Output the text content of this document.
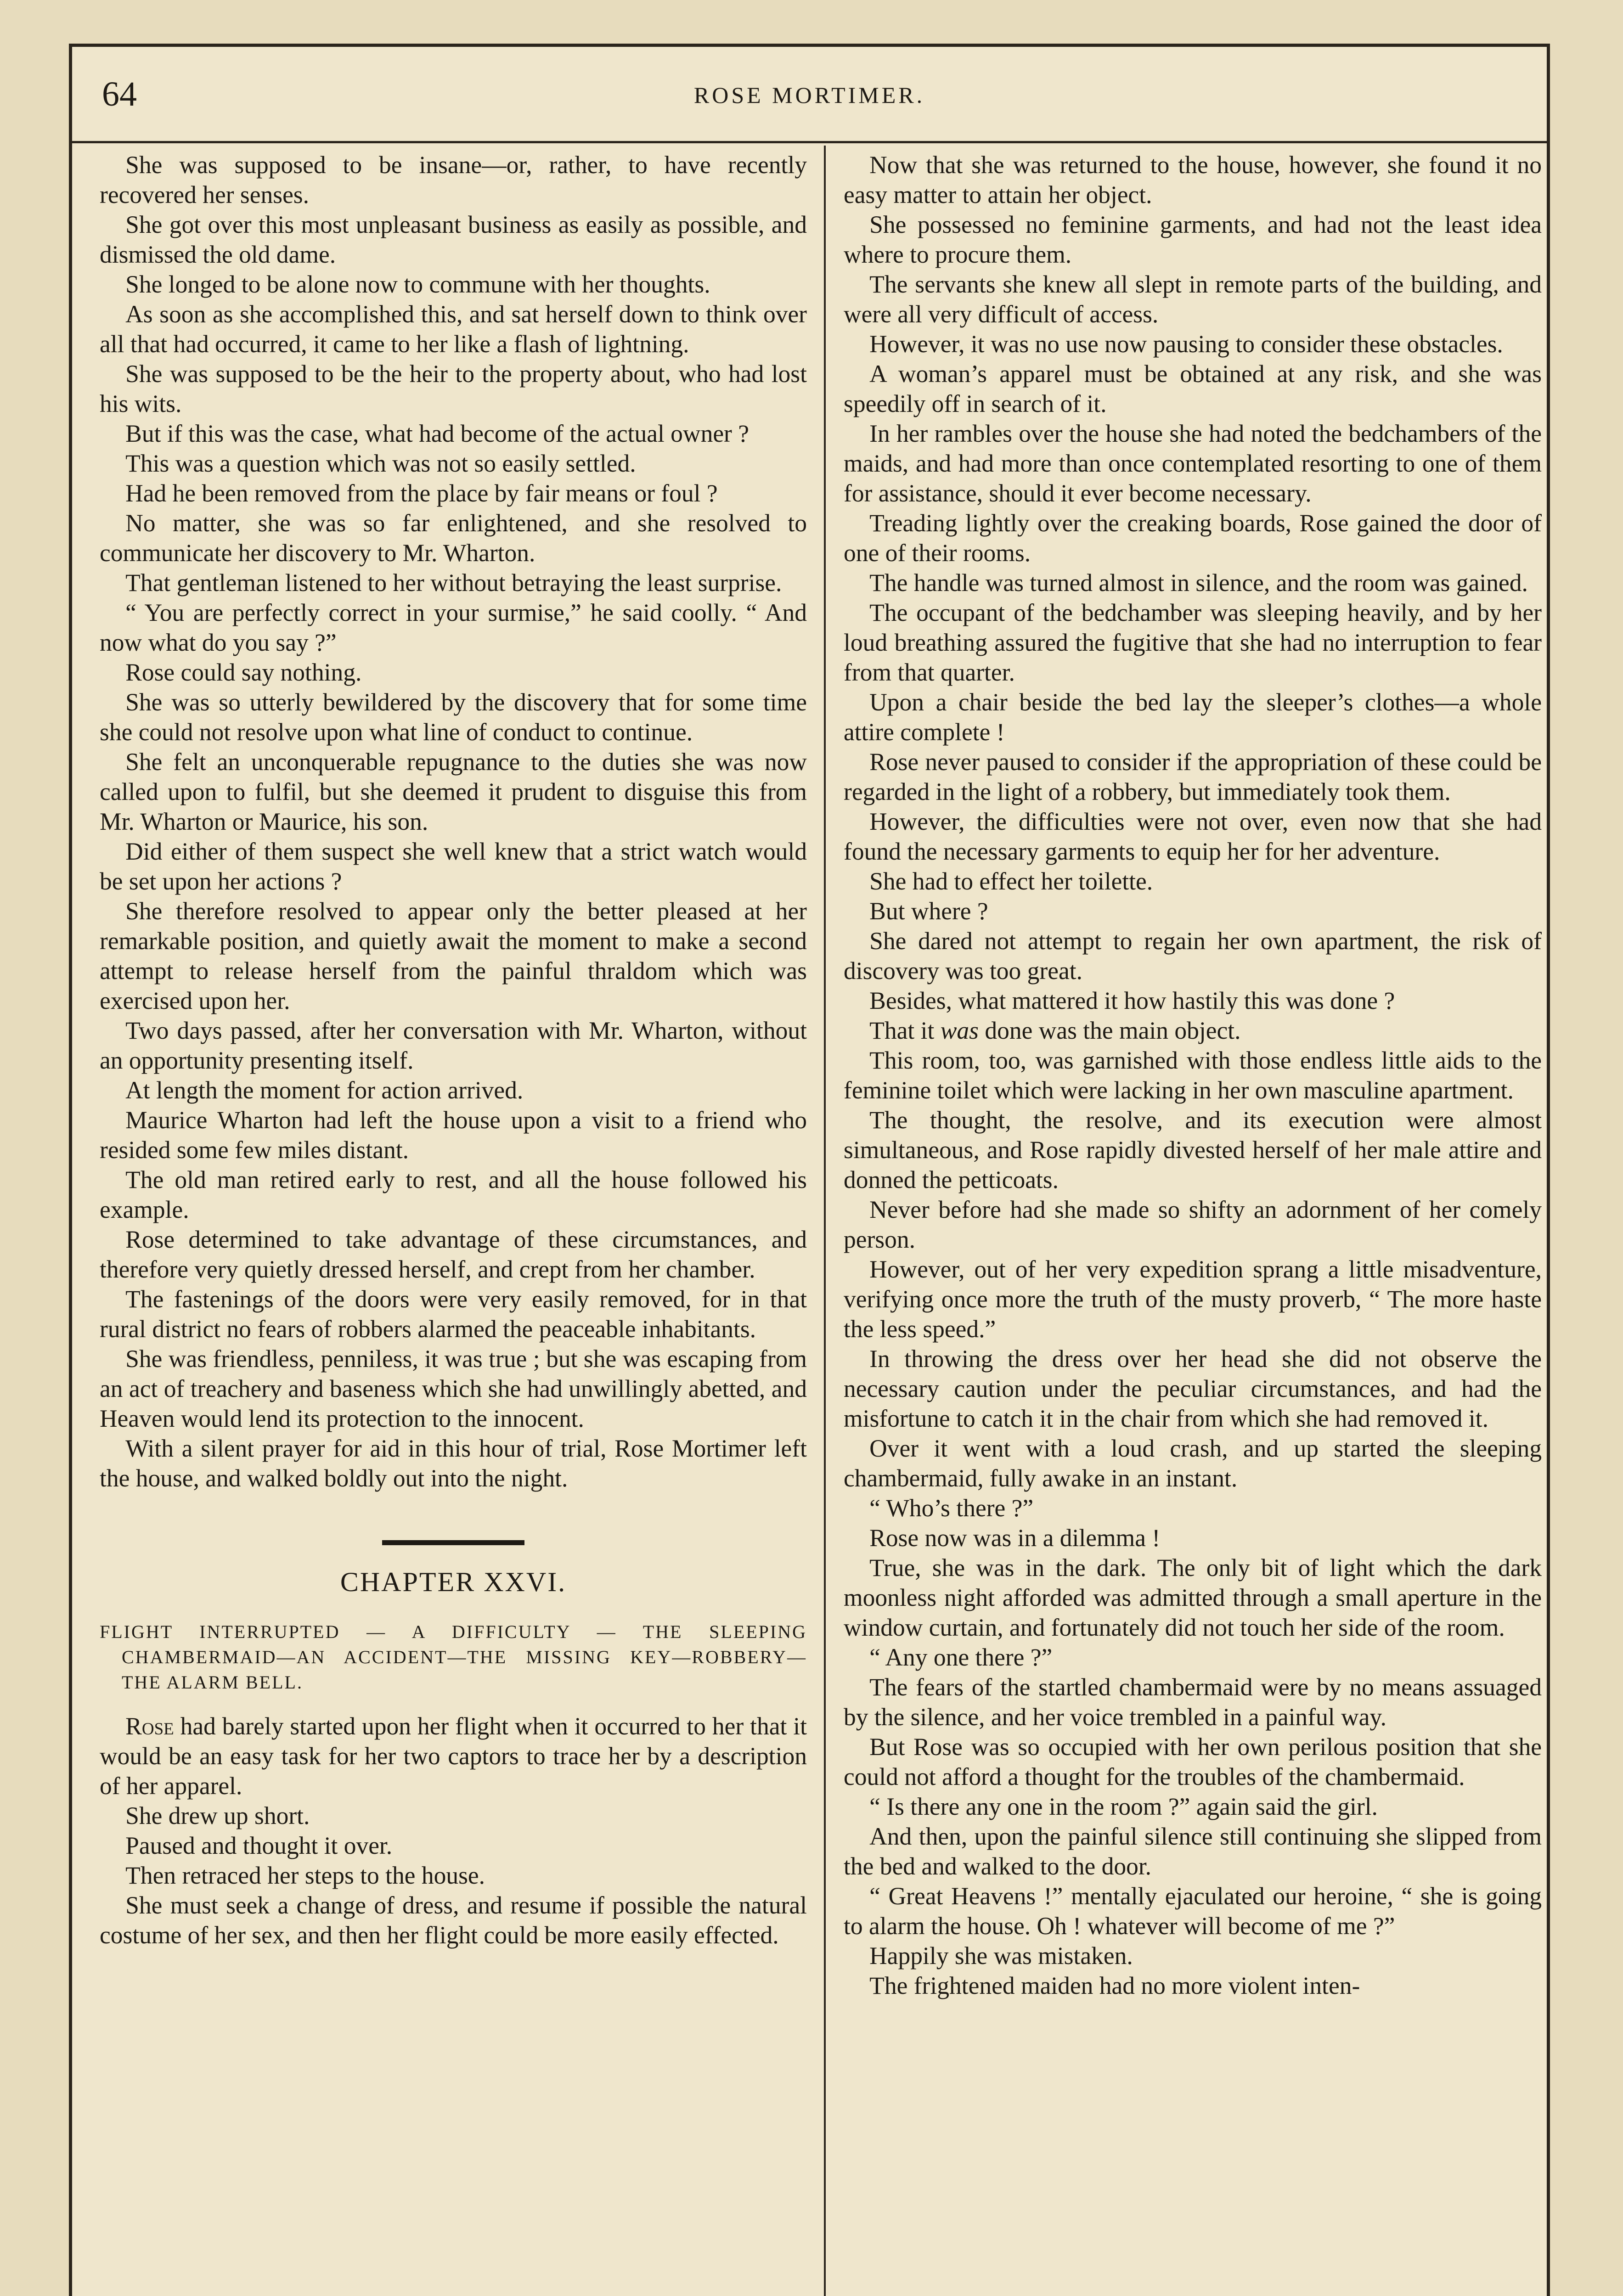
64	ROSE MORTIMER.

She was supposed to be insane—or, rather, to have recently recovered her senses.

She got over this most unpleasant business as easily as possible, and dismissed the old dame.

She longed to be alone now to commune with her thoughts.

As soon as she accomplished this, and sat herself down to think over all that had occurred, it came to her like a flash of lightning.

She was supposed to be the heir to the property about, who had lost his wits.

But if this was the case, what had become of the actual owner ?

This was a question which was not so easily settled.

Had he been removed from the place by fair means or foul ?

No matter, she was so far enlightened, and she resolved to communicate her discovery to Mr. Wharton.

That gentleman listened to her without betraying the least surprise.

“ You are perfectly correct in your surmise,” he said coolly. “ And now what do you say ?”

Rose could say nothing.

She was so utterly bewildered by the discovery that for some time she could not resolve upon what line of conduct to continue.

She felt an unconquerable repugnance to the duties she was now called upon to fulfil, but she deemed it prudent to disguise this from Mr. Wharton or Maurice, his son.

Did either of them suspect she well knew that a strict watch would be set upon her actions ?

She therefore resolved to appear only the better pleased at her remarkable position, and quietly await the moment to make a second attempt to release herself from the painful thraldom which was exercised upon her.

Two days passed, after her conversation with Mr. Wharton, without an opportunity presenting itself.

At length the moment for action arrived.

Maurice Wharton had left the house upon a visit to a friend who resided some few miles distant.

The old man retired early to rest, and all the house followed his example.

Rose determined to take advantage of these circumstances, and therefore very quietly dressed herself, and crept from her chamber.

The fastenings of the doors were very easily removed, for in that rural district no fears of robbers alarmed the peaceable inhabitants.

She was friendless, penniless, it was true ; but she was escaping from an act of treachery and baseness which she had unwillingly abetted, and Heaven would lend its protection to the innocent.

With a silent prayer for aid in this hour of trial, Rose Mortimer left the house, and walked boldly out into the night.

CHAPTER XXVI.
FLIGHT INTERRUPTED — A DIFFICULTY — THE SLEEPING CHAMBERMAID—AN ACCIDENT—THE MISSING KEY—ROBBERY—THE ALARM BELL.

Rose had barely started upon her flight when it occurred to her that it would be an easy task for her two captors to trace her by a description of her apparel.

She drew up short.

Paused and thought it over.

Then retraced her steps to the house.

She must seek a change of dress, and resume if possible the natural costume of her sex, and then her flight could be more easily effected.

Now that she was returned to the house, however, she found it no easy matter to attain her object.

She possessed no feminine garments, and had not the least idea where to procure them.

The servants she knew all slept in remote parts of the building, and were all very difficult of access.

However, it was no use now pausing to consider these obstacles.

A woman’s apparel must be obtained at any risk, and she was speedily off in search of it.

In her rambles over the house she had noted the bedchambers of the maids, and had more than once contemplated resorting to one of them for assistance, should it ever become necessary.

Treading lightly over the creaking boards, Rose gained the door of one of their rooms.

The handle was turned almost in silence, and the room was gained.

The occupant of the bedchamber was sleeping heavily, and by her loud breathing assured the fugitive that she had no interruption to fear from that quarter.

Upon a chair beside the bed lay the sleeper’s clothes—a whole attire complete !

Rose never paused to consider if the appropriation of these could be regarded in the light of a robbery, but immediately took them.

However, the difficulties were not over, even now that she had found the necessary garments to equip her for her adventure.

She had to effect her toilette.

But where ?

She dared not attempt to regain her own apartment, the risk of discovery was too great.

Besides, what mattered it how hastily this was done ?

That it was done was the main object.

This room, too, was garnished with those endless little aids to the feminine toilet which were lacking in her own masculine apartment.

The thought, the resolve, and its execution were almost simultaneous, and Rose rapidly divested herself of her male attire and donned the petticoats.

Never before had she made so shifty an adornment of her comely person.

However, out of her very expedition sprang a little misadventure, verifying once more the truth of the musty proverb, “ The more haste the less speed.”

In throwing the dress over her head she did not observe the necessary caution under the peculiar circumstances, and had the misfortune to catch it in the chair from which she had removed it.

Over it went with a loud crash, and up started the sleeping chambermaid, fully awake in an instant.

“ Who’s there ?”

Rose now was in a dilemma !

True, she was in the dark. The only bit of light which the dark moonless night afforded was admitted through a small aperture in the window curtain, and fortunately did not touch her side of the room.

“ Any one there ?”

The fears of the startled chambermaid were by no means assuaged by the silence, and her voice trembled in a painful way.

But Rose was so occupied with her own perilous position that she could not afford a thought for the troubles of the chambermaid.

“ Is there any one in the room ?” again said the girl.

And then, upon the painful silence still continuing she slipped from the bed and walked to the door.

“ Great Heavens !” mentally ejaculated our heroine, “ she is going to alarm the house. Oh ! whatever will become of me ?”

Happily she was mistaken.

The frightened maiden had no more violent inten-
